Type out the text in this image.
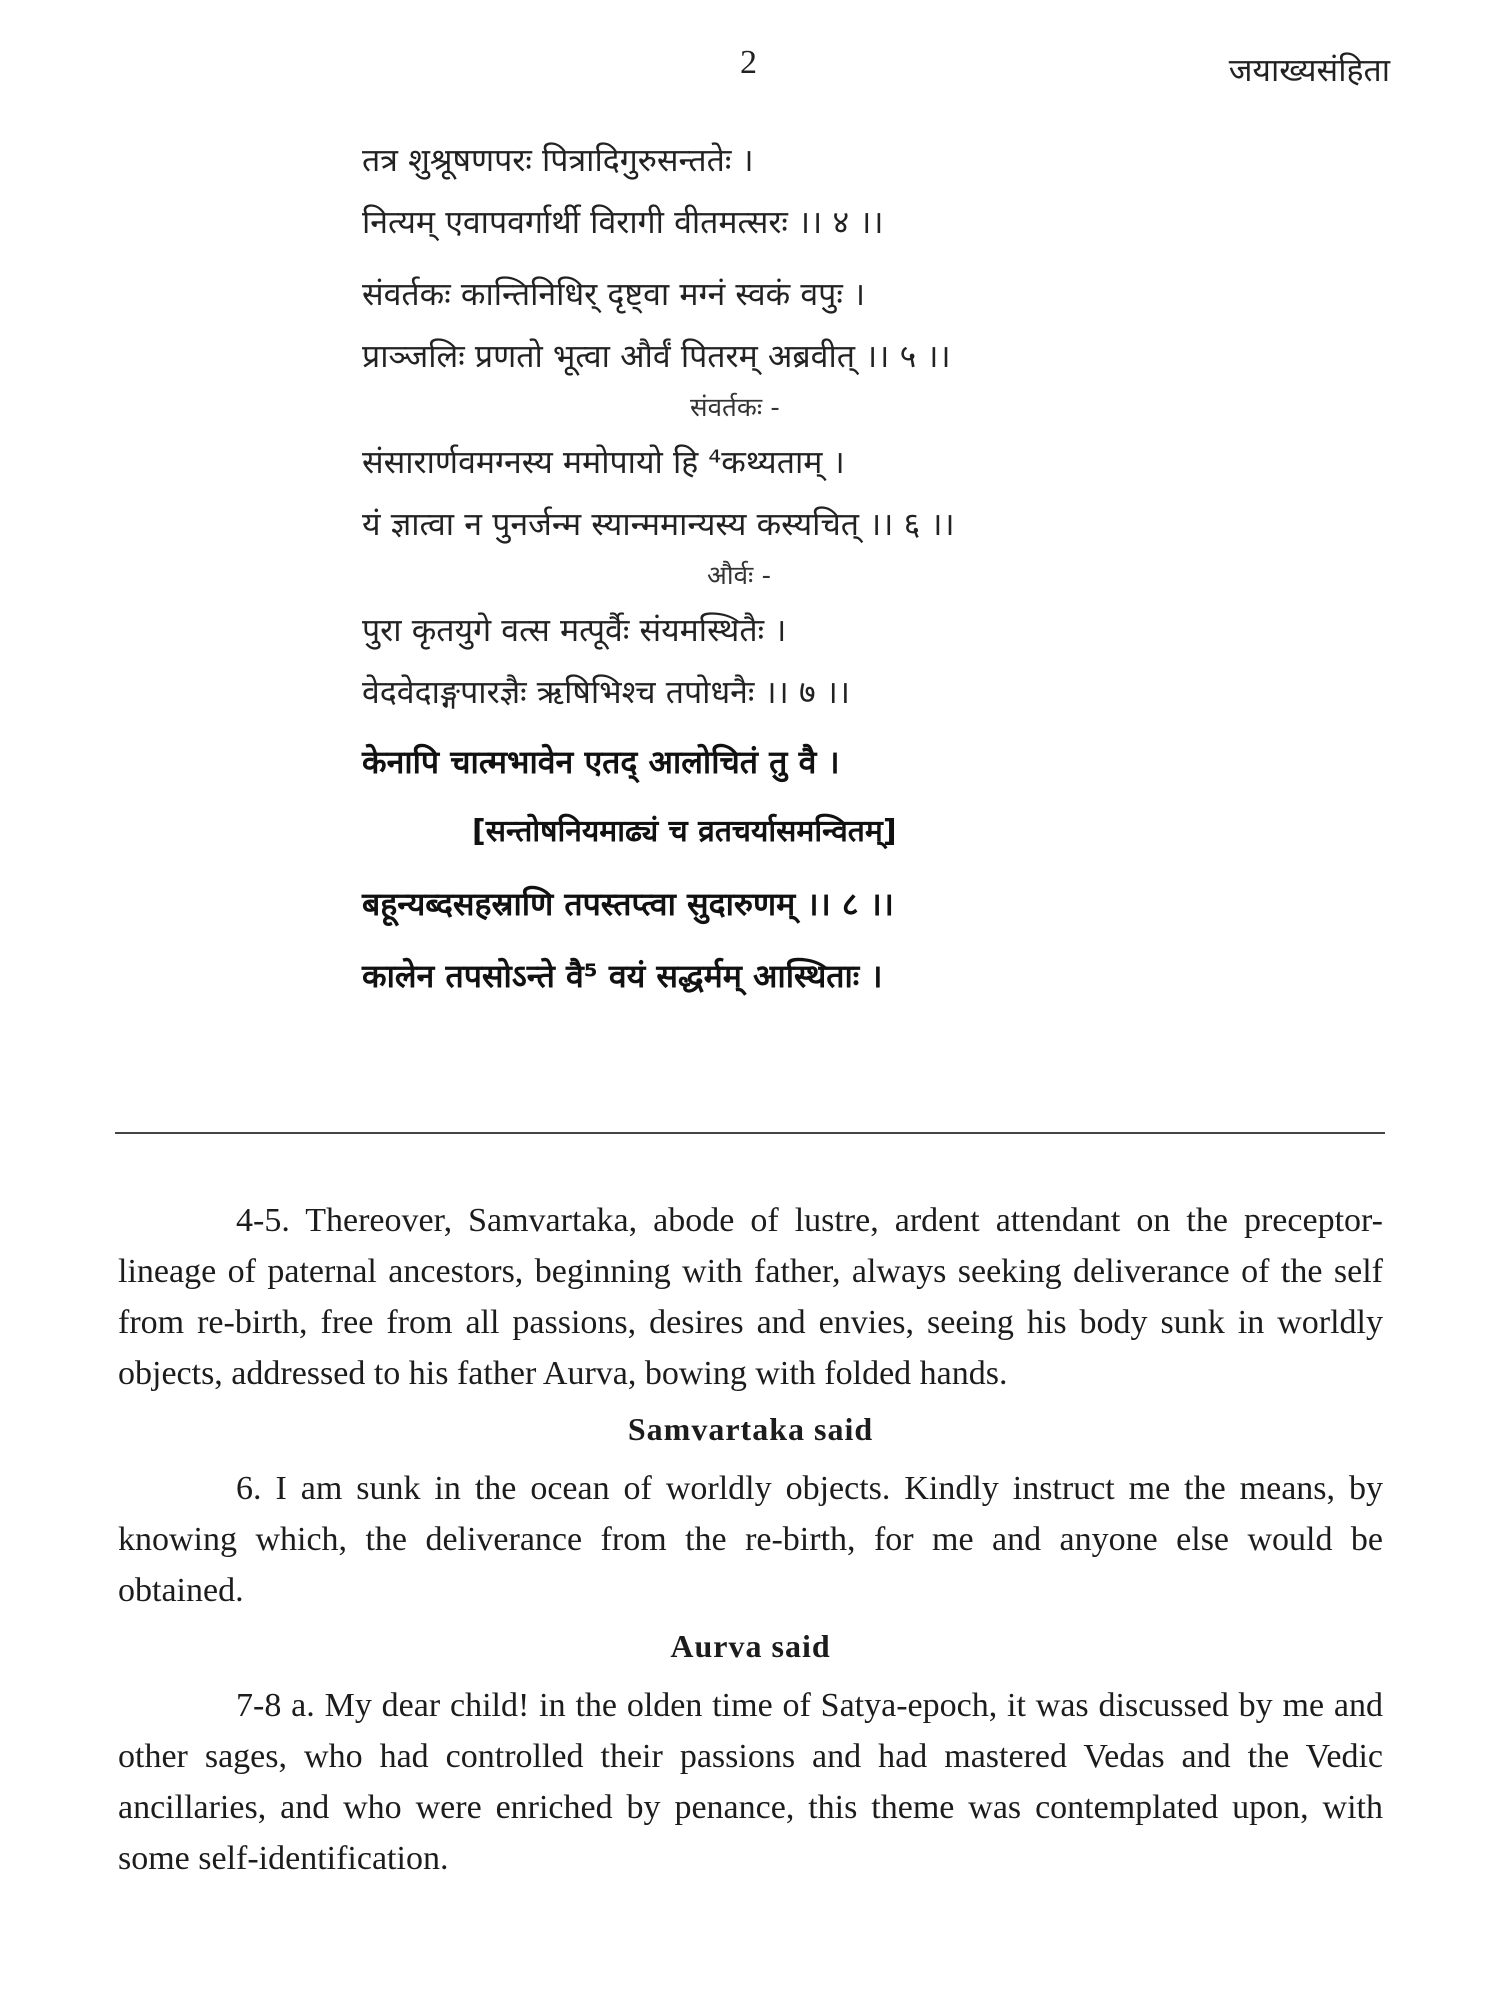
2	जयाख्यसंहिता
तत्र शुश्रूषणपरः पित्रादिगुरुसन्ततेः ।
नित्यम् एवापवर्गार्थी विरागी वीतमत्सरः ।। ४ ।।
संवर्तकः कान्तिनिधिर् दृष्ट्वा मग्नं स्वकं वपुः ।
प्राञ्जलिः प्रणतो भूत्वा और्वं पितरम् अब्रवीत् ।। ५ ।।
संवर्तकः -
संसारार्णवमग्नस्य ममोपायो हि ⁴कथ्यताम् ।
यं ज्ञात्वा न पुनर्जन्म स्यान्ममान्यस्य कस्यचित् ।। ६ ।।
और्वः -
पुरा कृतयुगे वत्स मत्पूर्वैः संयमस्थितैः ।
वेदवेदाङ्गपारज्ञैः ऋषिभिश्च तपोधनैः ।। ७ ।।
केनापि चात्मभावेन एतद् आलोचितं तु वै ।
[सन्तोषनियमाढ्यं च व्रतचर्यासमन्वितम्]
बहून्यब्दसहस्राणि तपस्तप्त्वा सुदारुणम् ।। ८ ।।
कालेन तपसोऽन्ते वै⁵ वयं सद्धर्मम् आस्थिताः ।

4-5. Thereover, Samvartaka, abode of lustre, ardent attendant on the preceptor-lineage of paternal ancestors, beginning with father, always seeking deliverance of the self from re-birth, free from all passions, desires and envies, seeing his body sunk in worldly objects, addressed to his father Aurva, bowing with folded hands.

Samvartaka said

6. I am sunk in the ocean of worldly objects. Kindly instruct me the means, by knowing which, the deliverance from the re-birth, for me and anyone else would be obtained.

Aurva said

7-8 a. My dear child! in the olden time of Satya-epoch, it was discussed by me and other sages, who had controlled their passions and had mastered Vedas and the Vedic ancillaries, and who were enriched by penance, this theme was contemplated upon, with some self-identification.
